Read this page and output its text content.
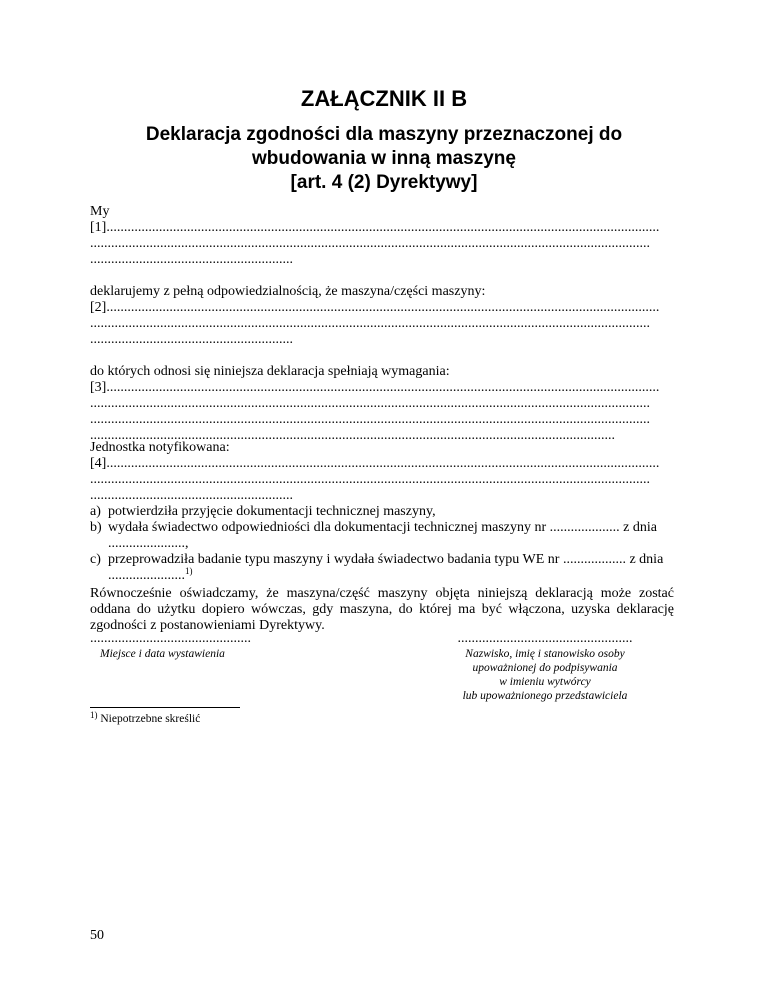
ZAŁĄCZNIK II B
Deklaracja zgodności dla maszyny przeznaczonej do
wbudowania w inną maszynę
[art. 4 (2) Dyrektywy]
My
[1]..............................................................................................................................................................
................................................................................................................................................................
..........................................................
deklarujemy z pełną odpowiedzialnością, że maszyna/części maszyny:
[2]..............................................................................................................................................................
................................................................................................................................................................
..........................................................
do których odnosi się niniejsza deklaracja spełniają wymagania:
[3]..............................................................................................................................................................
................................................................................................................................................................
................................................................................................................................................................
......................................................................................................................................................
Jednostka notyfikowana:
[4]..............................................................................................................................................................
................................................................................................................................................................
..........................................................
a) potwierdziła przyjęcie dokumentacji technicznej maszyny,
b) wydała świadectwo odpowiedniości dla dokumentacji technicznej maszyny nr .................... z dnia
......................,
c) przeprowadziła badanie typu maszyny i wydała świadectwo badania typu WE nr .................. z dnia
......................$^{1)}$
Równocześnie oświadczamy, że maszyna/część maszyny objęta niniejszą deklaracją może zostać oddana do użytku dopiero wówczas, gdy maszyna, do której ma być włączona, uzyska deklarację zgodności z postanowieniami Dyrektywy.
..............................................
Miejsce i data wystawienia
..................................................
Nazwisko, imię i stanowisko osoby
upoważnionej do podpisywania
w imieniu wytwórcy
lub upoważnionego przedstawiciela
$^{1)}$ Niepotrzebne skreślić
50
